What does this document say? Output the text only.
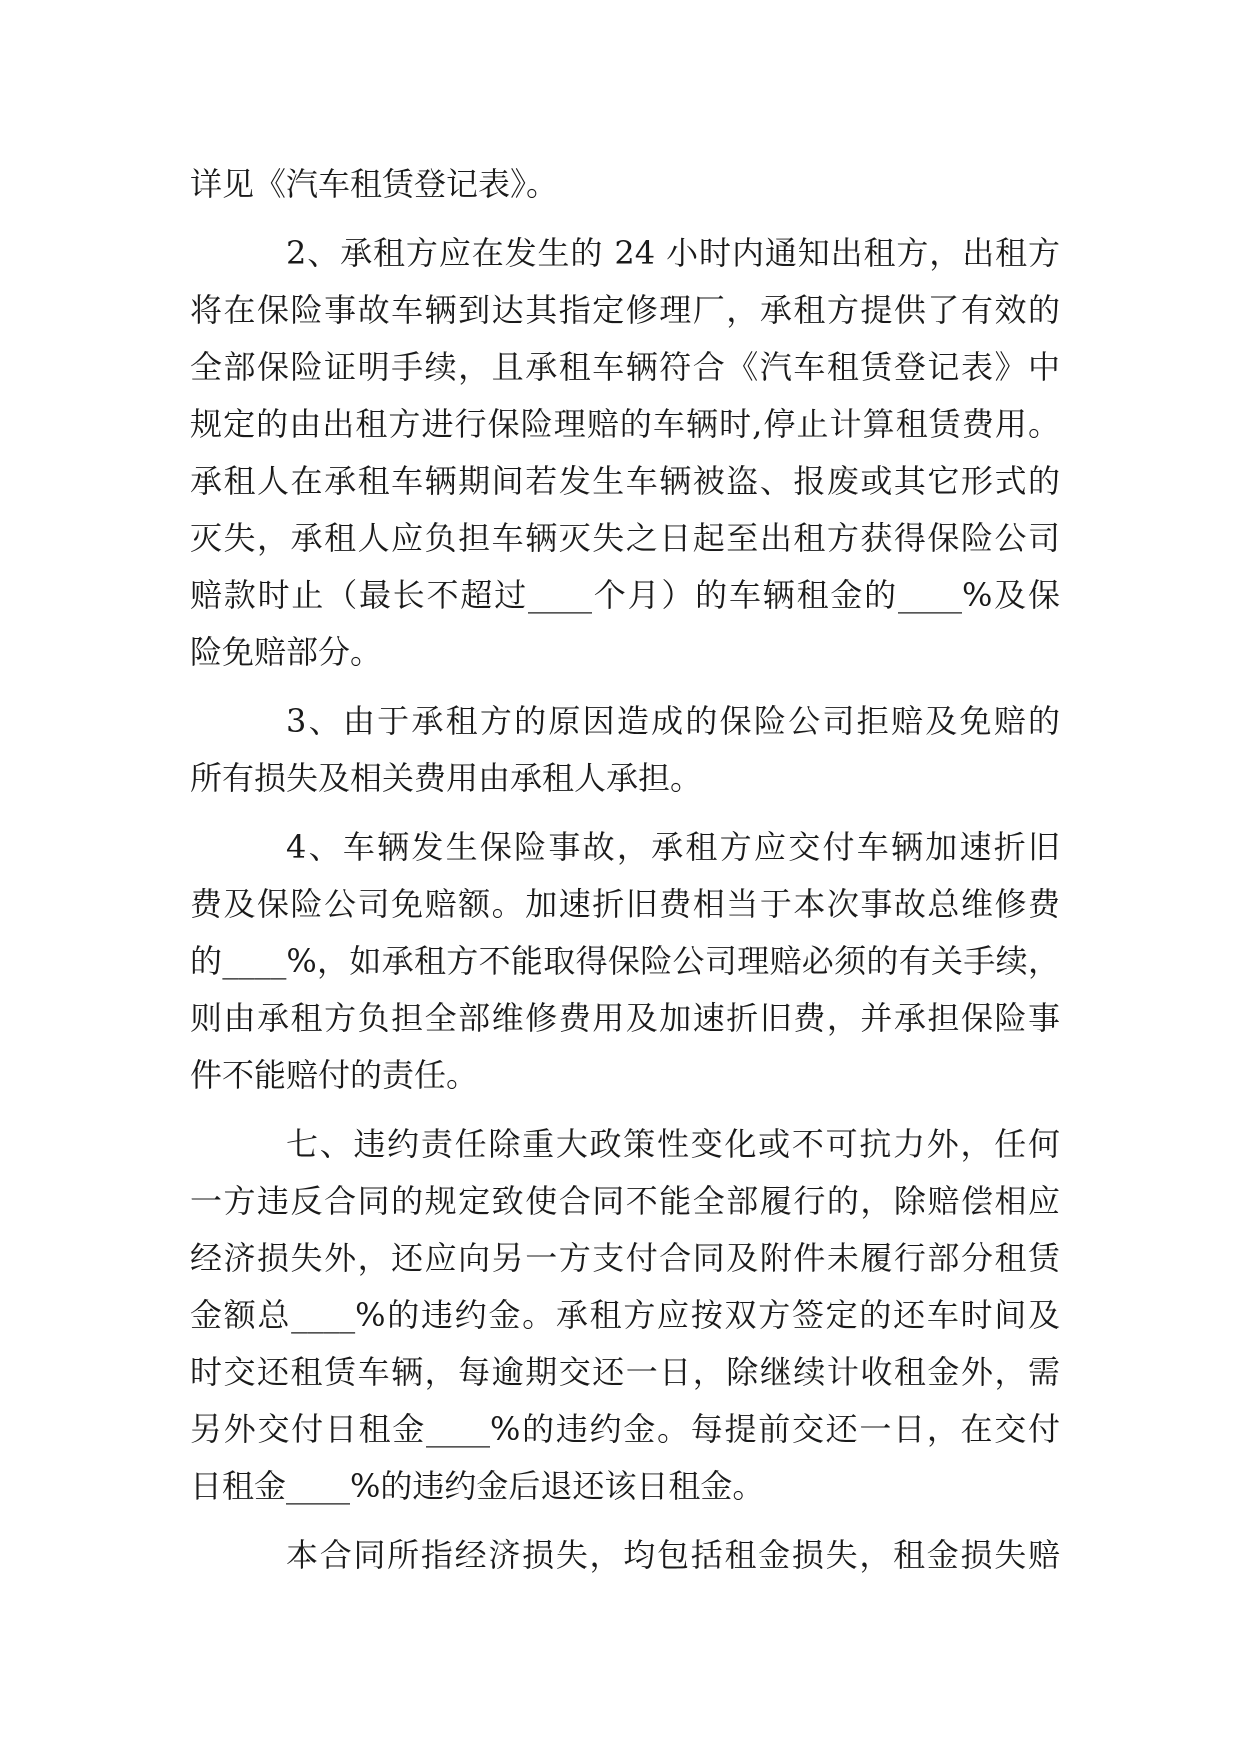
详见《汽车租赁登记表》。
2、承租方应在发生的 24 小时内通知出租方，出租方
将在保险事故车辆到达其指定修理厂，承租方提供了有效的
全部保险证明手续，且承租车辆符合《汽车租赁登记表》中
规定的由出租方进行保险理赔的车辆时,停止计算租赁费用。
承租人在承租车辆期间若发生车辆被盗、报废或其它形式的
灭失，承租人应负担车辆灭失之日起至出租方获得保险公司
赔款时止（最长不超过____个月）的车辆租金的____%及保
险免赔部分。
3、由于承租方的原因造成的保险公司拒赔及免赔的
所有损失及相关费用由承租人承担。
4、车辆发生保险事故，承租方应交付车辆加速折旧
费及保险公司免赔额。加速折旧费相当于本次事故总维修费
的____%，如承租方不能取得保险公司理赔必须的有关手续，
则由承租方负担全部维修费用及加速折旧费，并承担保险事
件不能赔付的责任。
七、违约责任除重大政策性变化或不可抗力外，任何
一方违反合同的规定致使合同不能全部履行的，除赔偿相应
经济损失外，还应向另一方支付合同及附件未履行部分租赁
金额总____%的违约金。承租方应按双方签定的还车时间及
时交还租赁车辆，每逾期交还一日，除继续计收租金外，需
另外交付日租金____%的违约金。每提前交还一日，在交付
日租金____%的违约金后退还该日租金。
本合同所指经济损失，均包括租金损失，租金损失赔
